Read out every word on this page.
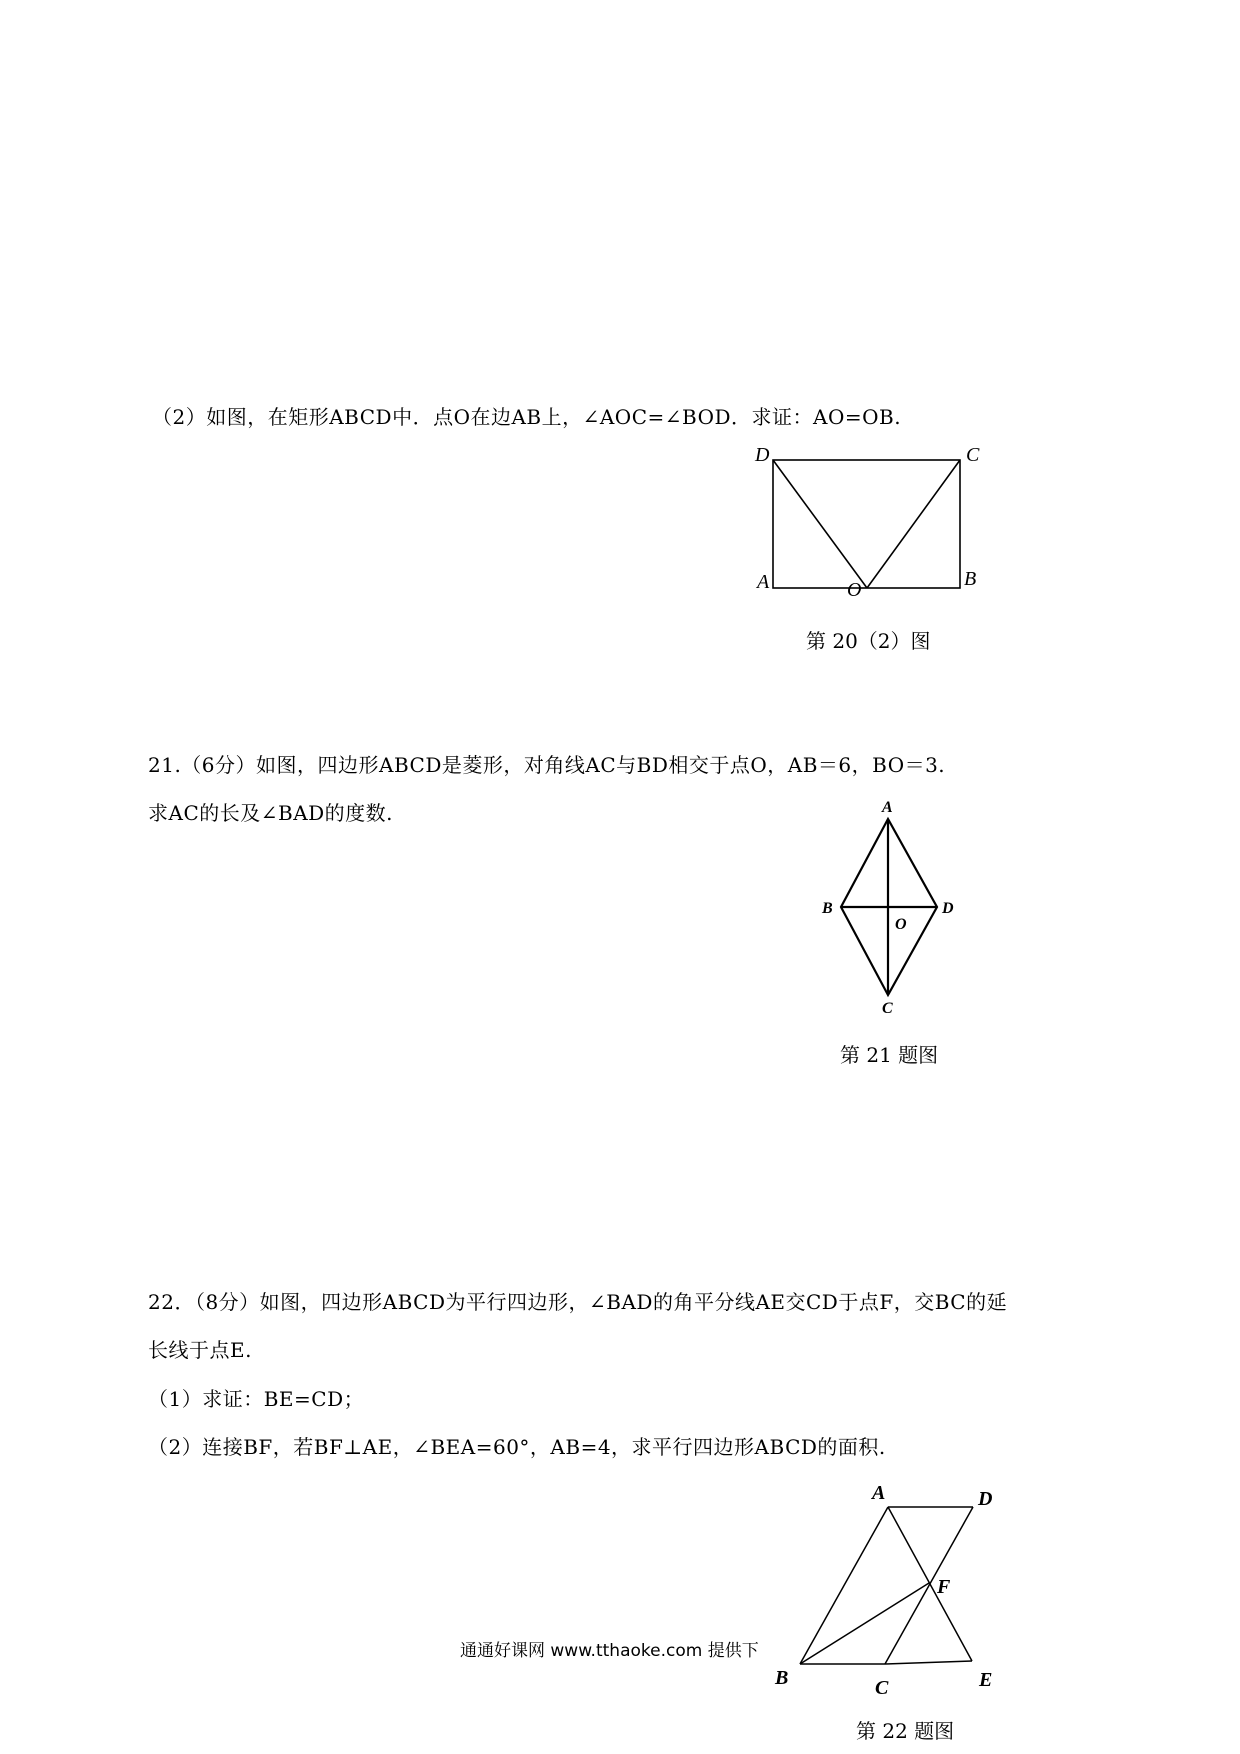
（2）如图，在矩形ABCD中．点O在边AB上，∠AOC=∠BOD．求证：AO=OB.

D	C
A	O	B

第 20（2）图

21.（6分）如图，四边形ABCD是菱形，对角线AC与BD相交于点O，AB＝6，BO＝3.

求AC的长及∠BAD的度数.	A
B	D
O
C

第 21 题图

22．（8分）如图，四边形ABCD为平行四边形，∠BAD的角平分线AE交CD于点F，交BC的延

长线于点E.

（1）求证：BE=CD；

（2）连接BF，若BF⊥AE，∠BEA=60°，AB=4，求平行四边形ABCD的面积.

A	D
F
B	C	E

通通好课网 www.tthaoke.com 提供下

第 22 题图
